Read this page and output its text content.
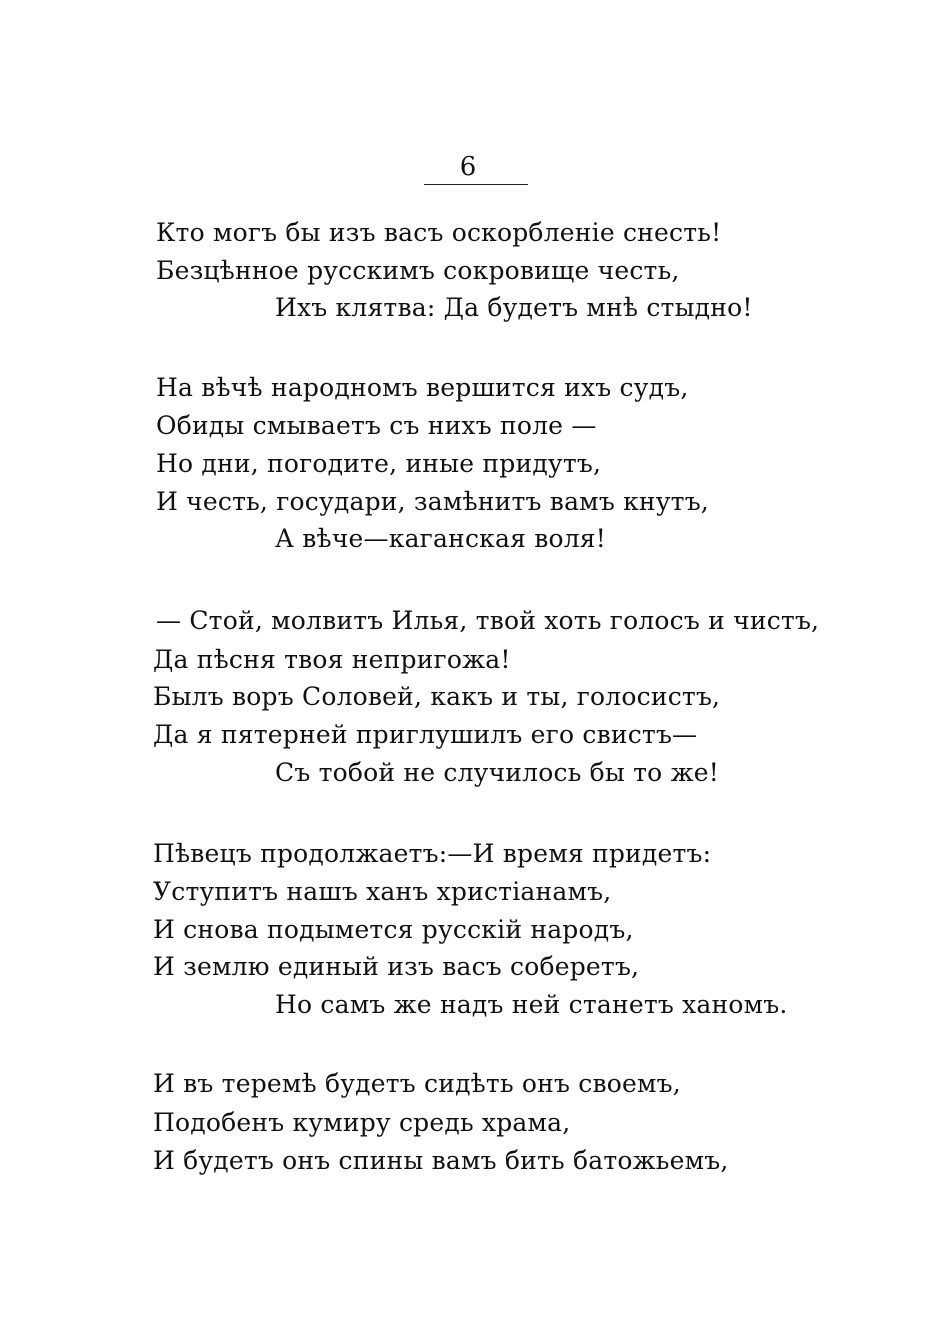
6
Кто могъ бы изъ васъ оскорбленіе снесть!
Безцѣнное русскимъ сокровище честь,
Ихъ клятва: Да будетъ мнѣ стыдно!
На вѣчѣ народномъ вершится ихъ судъ,
Обиды смываетъ съ нихъ поле —
Но дни, погодите, иные придутъ,
И честь, государи, замѣнитъ вамъ кнутъ,
А вѣче—каганская воля!
— Стой, молвитъ Илья, твой хоть голосъ и чистъ,
Да пѣсня твоя непригожа!
Былъ воръ Соловей, какъ и ты, голосистъ,
Да я пятерней приглушилъ его свистъ—
Съ тобой не случилось бы то же!
Пѣвецъ продолжаетъ:—И время придетъ:
Уступитъ нашъ ханъ христіанамъ,
И снова подымется русскій народъ,
И землю единый изъ васъ соберетъ,
Но самъ же надъ ней станетъ ханомъ.
И въ теремѣ будетъ сидѣть онъ своемъ,
Подобенъ кумиру средь храма,
И будетъ онъ спины вамъ бить батожьемъ,
